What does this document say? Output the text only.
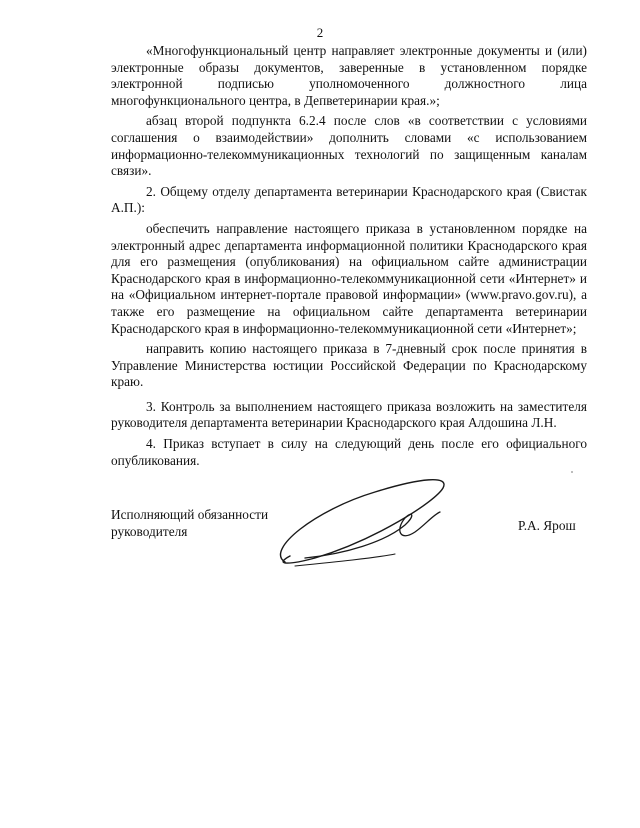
2

«Многофункциональный центр направляет электронные документы и (или) электронные образы документов, заверенные в установленном порядке электронной подписью уполномоченного должностного лица многофункционального центра, в Депветеринарии края.»;

абзац второй подпункта 6.2.4 после слов «в соответствии с условиями соглашения о взаимодействии» дополнить словами «с использованием информационно-телекоммуникационных технологий по защищенным каналам связи».

2. Общему отделу департамента ветеринарии Краснодарского края (Свистак А.П.):

обеспечить направление настоящего приказа в установленном порядке на электронный адрес департамента информационной политики Краснодарского края для его размещения (опубликования) на официальном сайте администрации Краснодарского края в информационно-телекоммуникационной сети «Интернет» и на «Официальном интернет-портале правовой информации» (www.pravo.gov.ru), а также его размещение на официальном сайте департамента ветеринарии Краснодарского края в информационно-телекоммуникационной сети «Интернет»;

направить копию настоящего приказа в 7-дневный срок после принятия в Управление Министерства юстиции Российской Федерации по Краснодарскому краю.

3. Контроль за выполнением настоящего приказа возложить на заместителя руководителя департамента ветеринарии Краснодарского края Алдошина Л.Н.

4. Приказ вступает в силу на следующий день после его официального опубликования.

Исполняющий обязанности
руководителя	Р.А. Ярош
